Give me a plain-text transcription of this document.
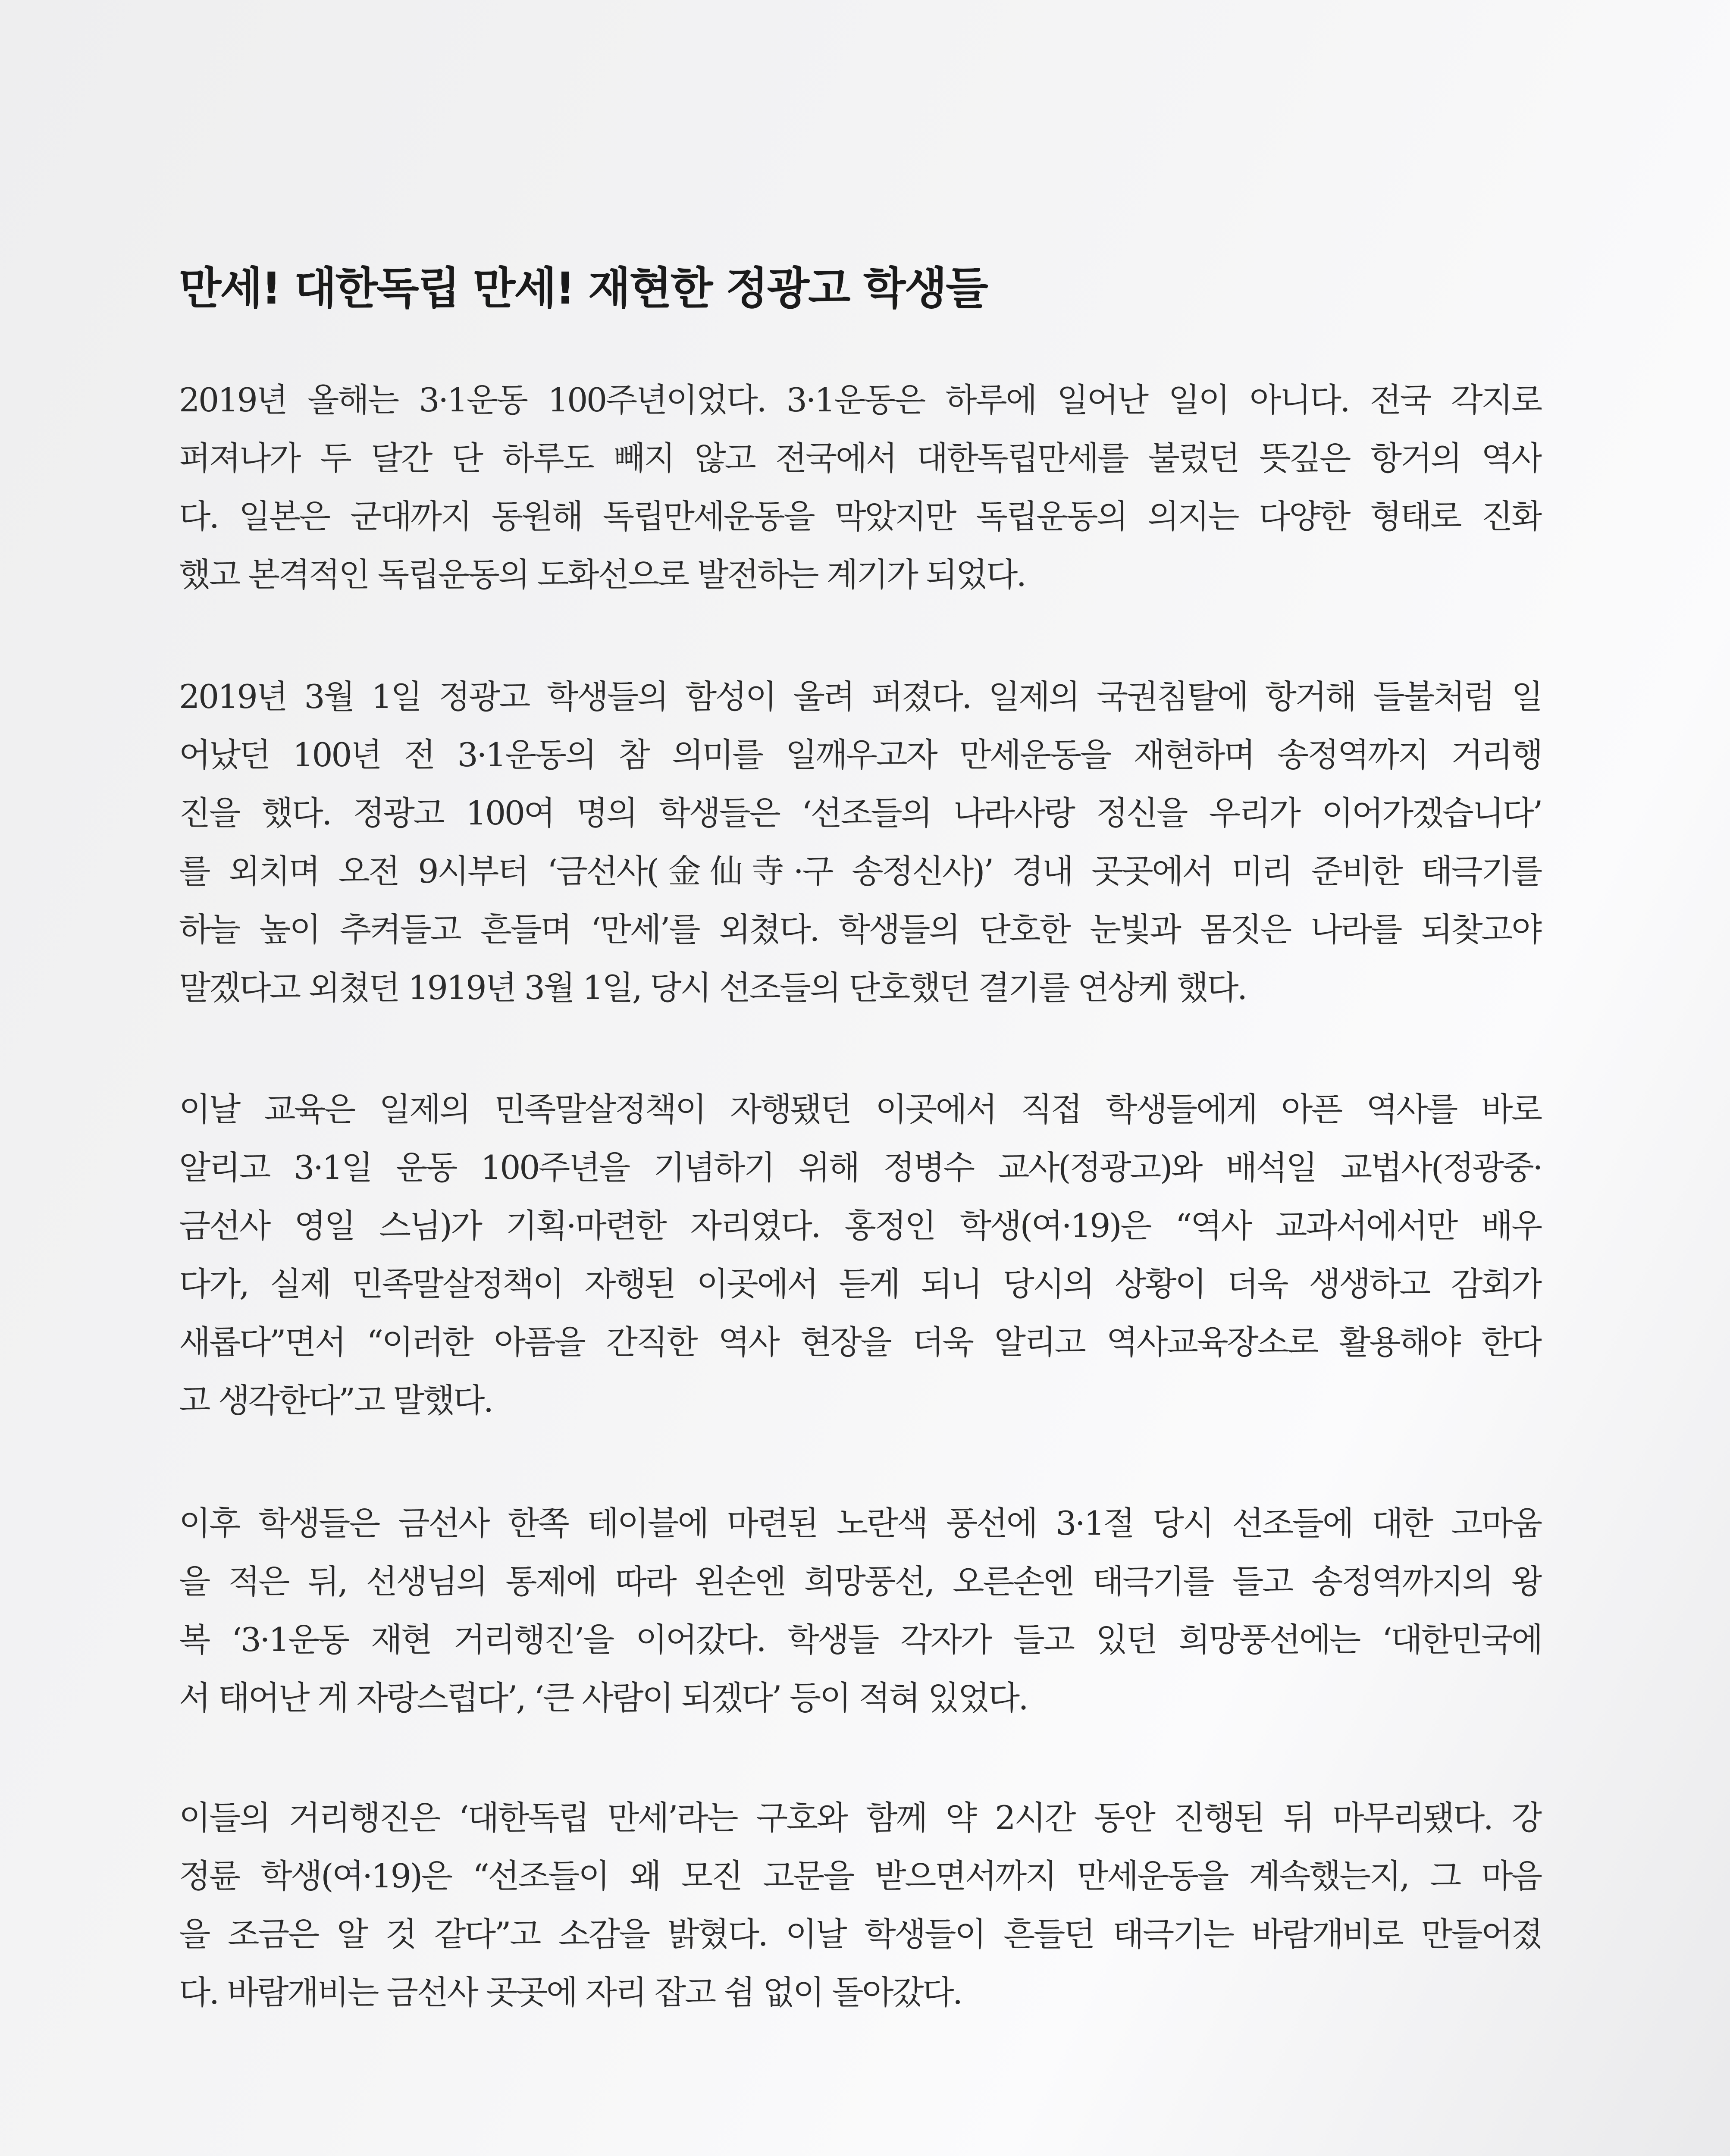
만세! 대한독립 만세! 재현한 정광고 학생들
2019년 올해는 3·1운동 100주년이었다. 3·1운동은 하루에 일어난 일이 아니다. 전국 각지로
퍼져나가 두 달간 단 하루도 빼지 않고 전국에서 대한독립만세를 불렀던 뜻깊은 항거의 역사
다. 일본은 군대까지 동원해 독립만세운동을 막았지만 독립운동의 의지는 다양한 형태로 진화
했고 본격적인 독립운동의 도화선으로 발전하는 계기가 되었다.
2019년 3월 1일 정광고 학생들의 함성이 울려 퍼졌다. 일제의 국권침탈에 항거해 들불처럼 일
어났던 100년 전 3·1운동의 참 의미를 일깨우고자 만세운동을 재현하며 송정역까지 거리행
진을 했다. 정광고 100여 명의 학생들은 ‘선조들의 나라사랑 정신을 우리가 이어가겠습니다’
를 외치며 오전 9시부터 ‘금선사(金仙寺·구 송정신사)’ 경내 곳곳에서 미리 준비한 태극기를
하늘 높이 추켜들고 흔들며 ‘만세’를 외쳤다. 학생들의 단호한 눈빛과 몸짓은 나라를 되찾고야
말겠다고 외쳤던 1919년 3월 1일, 당시 선조들의 단호했던 결기를 연상케 했다.
이날 교육은 일제의 민족말살정책이 자행됐던 이곳에서 직접 학생들에게 아픈 역사를 바로
알리고 3·1일 운동 100주년을 기념하기 위해 정병수 교사(정광고)와 배석일 교법사(정광중·
금선사 영일 스님)가 기획·마련한 자리였다. 홍정인 학생(여·19)은 “역사 교과서에서만 배우
다가, 실제 민족말살정책이 자행된 이곳에서 듣게 되니 당시의 상황이 더욱 생생하고 감회가
새롭다”면서 “이러한 아픔을 간직한 역사 현장을 더욱 알리고 역사교육장소로 활용해야 한다
고 생각한다”고 말했다.
이후 학생들은 금선사 한쪽 테이블에 마련된 노란색 풍선에 3·1절 당시 선조들에 대한 고마움
을 적은 뒤, 선생님의 통제에 따라 왼손엔 희망풍선, 오른손엔 태극기를 들고 송정역까지의 왕
복 ‘3·1운동 재현 거리행진’을 이어갔다. 학생들 각자가 들고 있던 희망풍선에는 ‘대한민국에
서 태어난 게 자랑스럽다’, ‘큰 사람이 되겠다’ 등이 적혀 있었다.
이들의 거리행진은 ‘대한독립 만세’라는 구호와 함께 약 2시간 동안 진행된 뒤 마무리됐다. 강
정륜 학생(여·19)은 “선조들이 왜 모진 고문을 받으면서까지 만세운동을 계속했는지, 그 마음
을 조금은 알 것 같다”고 소감을 밝혔다. 이날 학생들이 흔들던 태극기는 바람개비로 만들어졌
다. 바람개비는 금선사 곳곳에 자리 잡고 쉼 없이 돌아갔다.
